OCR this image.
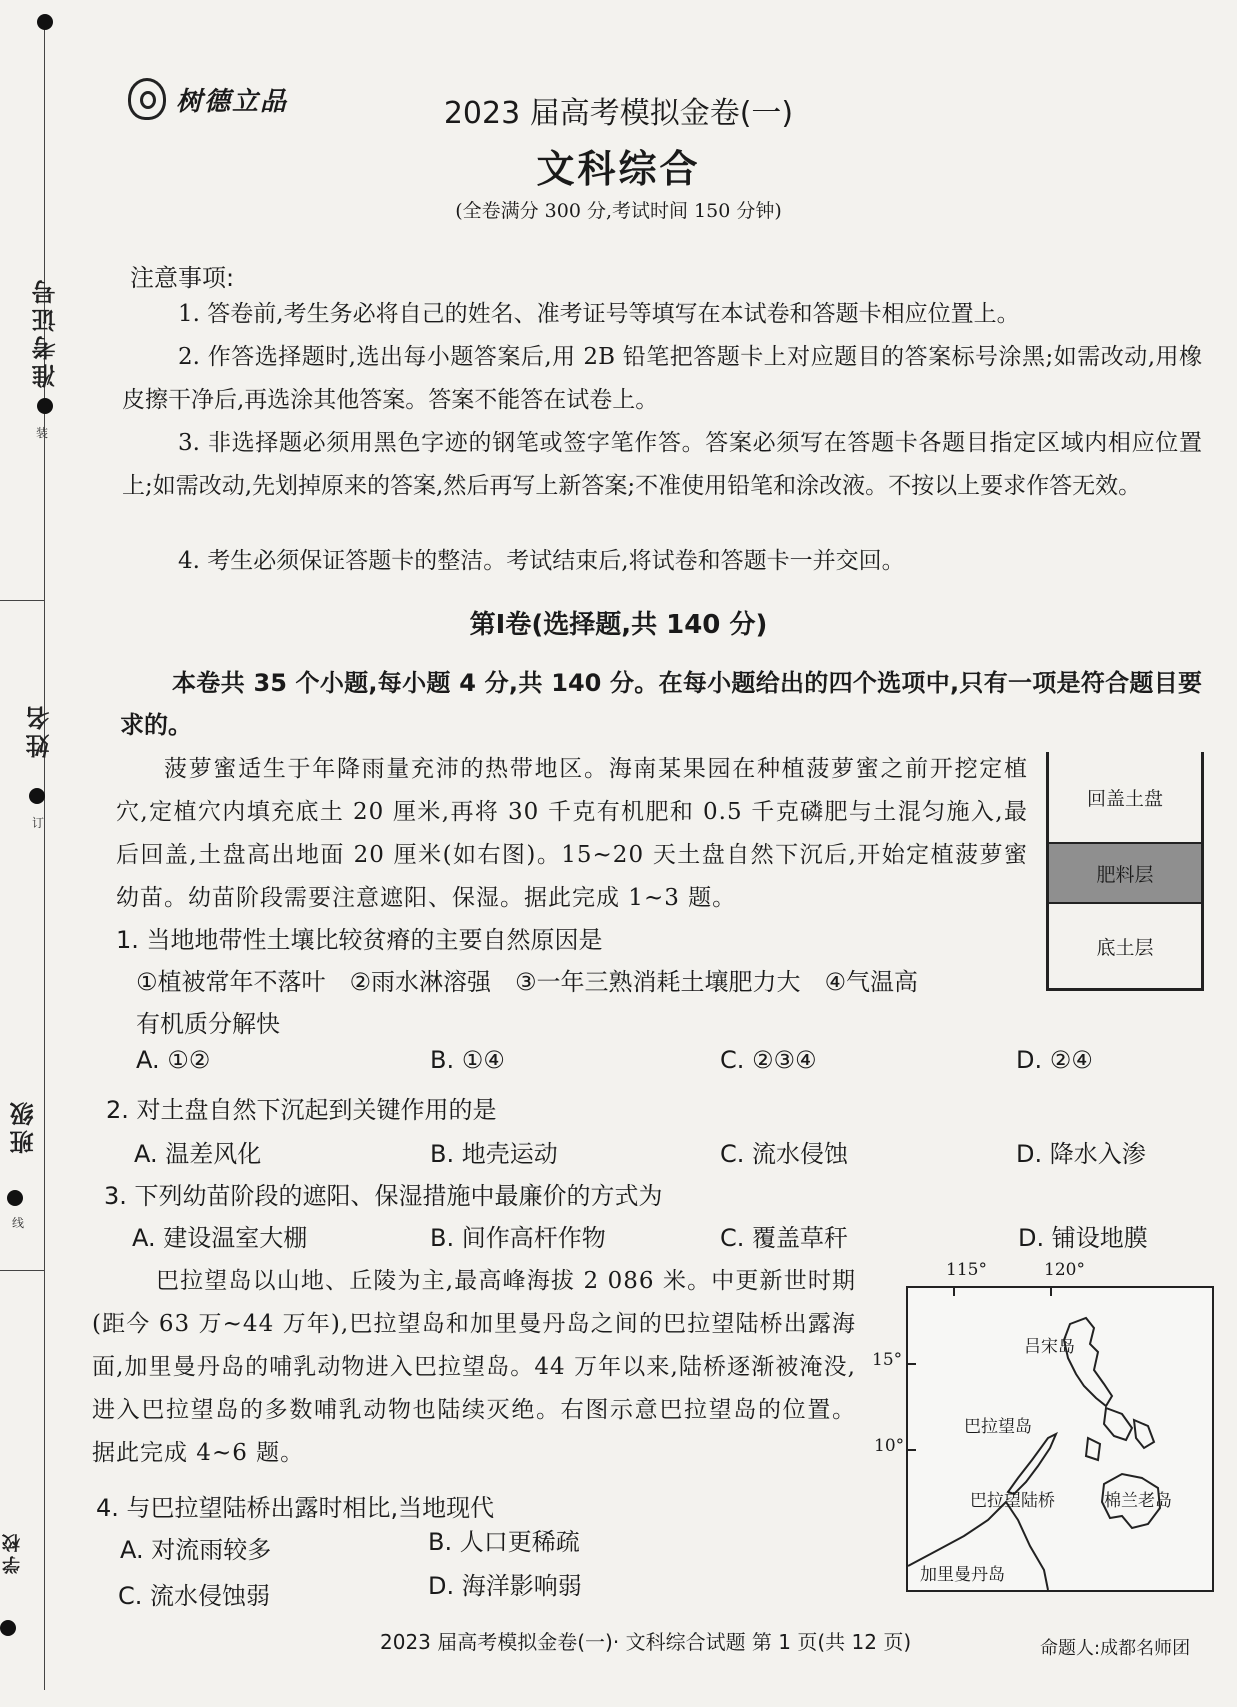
准考证号
姓名
班级
学校
装
订
线
树德立品	2023 届高考模拟金卷(一)
文科综合
(全卷满分 300 分,考试时间 150 分钟)
注意事项:
1. 答卷前,考生务必将自己的姓名、准考证号等填写在本试卷和答题卡相应位置上。
2. 作答选择题时,选出每小题答案后,用 2B 铅笔把答题卡上对应题目的答案标号涂黑;如需改动,用橡皮擦干净后,再选涂其他答案。答案不能答在试卷上。
3. 非选择题必须用黑色字迹的钢笔或签字笔作答。答案必须写在答题卡各题目指定区域内相应位置上;如需改动,先划掉原来的答案,然后再写上新答案;不准使用铅笔和涂改液。不按以上要求作答无效。
4. 考生必须保证答题卡的整洁。考试结束后,将试卷和答题卡一并交回。
第Ⅰ卷(选择题,共 140 分)
本卷共 35 个小题,每小题 4 分,共 140 分。在每小题给出的四个选项中,只有一项是符合题目要求的。
菠萝蜜适生于年降雨量充沛的热带地区。海南某果园在种植菠萝蜜之前开挖定植穴,定植穴内填充底土 20 厘米,再将 30 千克有机肥和 0.5 千克磷肥与土混匀施入,最后回盖,土盘高出地面 20 厘米(如右图)。15~20 天土盘自然下沉后,开始定植菠萝蜜幼苗。幼苗阶段需要注意遮阳、保湿。据此完成 1~3 题。
回盖土盘
肥料层
底土层
1. 当地地带性土壤比较贫瘠的主要自然原因是
①植被常年不落叶　②雨水淋溶强　③一年三熟消耗土壤肥力大　④气温高
有机质分解快
A. ①②	B. ①④	C. ②③④	D. ②④
2. 对土盘自然下沉起到关键作用的是
A. 温差风化	B. 地壳运动	C. 流水侵蚀	D. 降水入渗
3. 下列幼苗阶段的遮阳、保湿措施中最廉价的方式为
A. 建设温室大棚	B. 间作高杆作物	C. 覆盖草秆	D. 铺设地膜
巴拉望岛以山地、丘陵为主,最高峰海拔 2 086 米。中更新世时期(距今 63 万~44 万年),巴拉望岛和加里曼丹岛之间的巴拉望陆桥出露海面,加里曼丹岛的哺乳动物进入巴拉望岛。44 万年以来,陆桥逐渐被淹没,进入巴拉望岛的多数哺乳动物也陆续灭绝。右图示意巴拉望岛的位置。据此完成 4~6 题。
115°	120°
15°
10°
吕宋岛
巴拉望岛
巴拉望陆桥	棉兰老岛
加里曼丹岛
4. 与巴拉望陆桥出露时相比,当地现代
A. 对流雨较多	B. 人口更稀疏
C. 流水侵蚀弱	D. 海洋影响弱
2023 届高考模拟金卷(一)· 文科综合试题 第 1 页(共 12 页)	命题人:成都名师团
